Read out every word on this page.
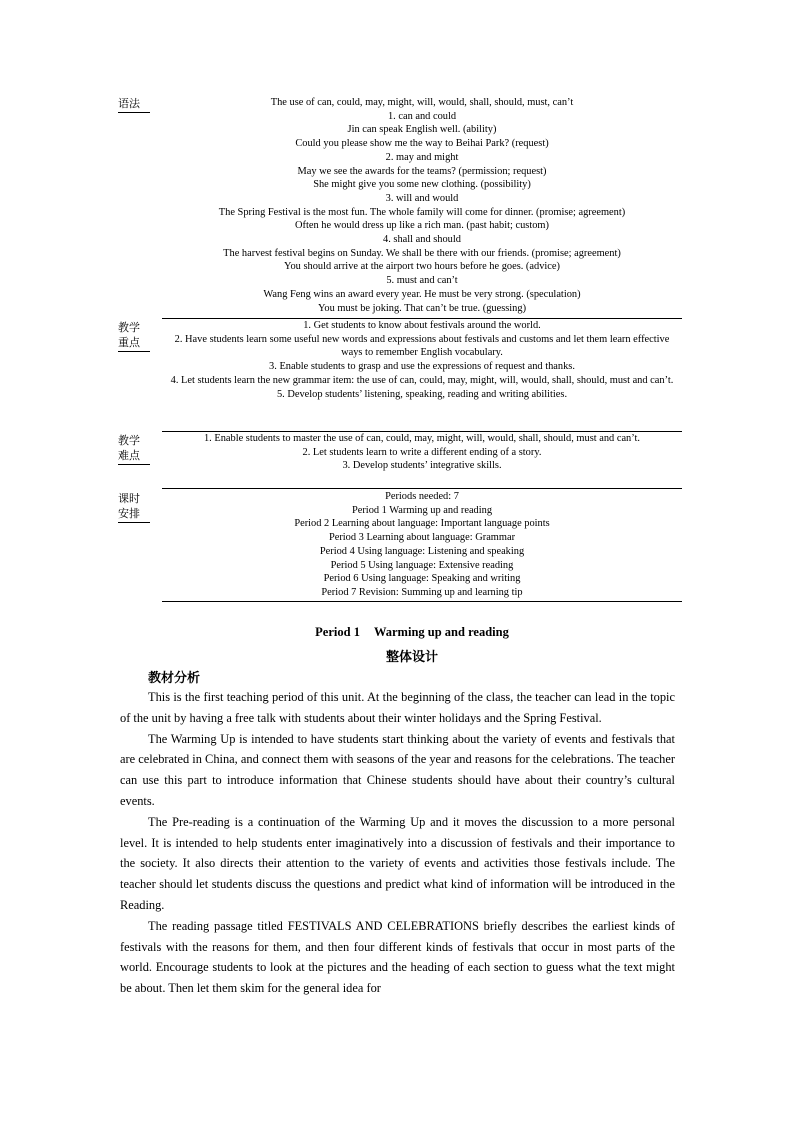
语法	The use of can, could, may, might, will, would, shall, should, must, can’t
1. can and could
Jin can speak English well. (ability)
Could you please show me the way to Beihai Park? (request)
2. may and might
May we see the awards for the teams? (permission; request)
She might give you some new clothing. (possibility)
3. will and would
The Spring Festival is the most fun. The whole family will come for dinner. (promise; agreement)
Often he would dress up like a rich man. (past habit; custom)
4. shall and should
The harvest festival begins on Sunday. We shall be there with our friends. (promise; agreement)
You should arrive at the airport two hours before he goes. (advice)
5. must and can’t
Wang Feng wins an award every year. He must be very strong. (speculation)
You must be joking. That can’t be true. (guessing)
教学
重点
1. Get students to know about festivals around the world.
2. Have students learn some useful new words and expressions about festivals and customs and let them learn effective ways to remember English vocabulary.
3. Enable students to grasp and use the expressions of request and thanks.
4. Let students learn the new grammar item: the use of can, could, may, might, will, would, shall, should, must and can’t.
5. Develop students’ listening, speaking, reading and writing abilities.
教学
难点
1. Enable students to master the use of can, could, may, might, will, would, shall, should, must and can’t.
2. Let students learn to write a different ending of a story.
3. Develop students’ integrative skills.
课时
安排
Periods needed: 7
Period 1 Warming up and reading
Period 2 Learning about language: Important language points
Period 3 Learning about language: Grammar
Period 4 Using language: Listening and speaking
Period 5 Using language: Extensive reading
Period 6 Using language: Speaking and writing
Period 7 Revision: Summing up and learning tip
Period 1 Warming up and reading
整体设计
教材分析

This is the first teaching period of this unit. At the beginning of the class, the teacher can lead in the topic of the unit by having a free talk with students about their winter holidays and the Spring Festival.

The Warming Up is intended to have students start thinking about the variety of events and festivals that are celebrated in China, and connect them with seasons of the year and reasons for the celebrations. The teacher can use this part to introduce information that Chinese students should have about their country’s cultural events.

The Pre-reading is a continuation of the Warming Up and it moves the discussion to a more personal level. It is intended to help students enter imaginatively into a discussion of festivals and their importance to the society. It also directs their attention to the variety of events and activities those festivals include. The teacher should let students discuss the questions and predict what kind of information will be introduced in the Reading.

The reading passage titled FESTIVALS AND CELEBRATIONS briefly describes the earliest kinds of festivals with the reasons for them, and then four different kinds of festivals that occur in most parts of the world. Encourage students to look at the pictures and the heading of each section to guess what the text might be about. Then let them skim for the general idea for
